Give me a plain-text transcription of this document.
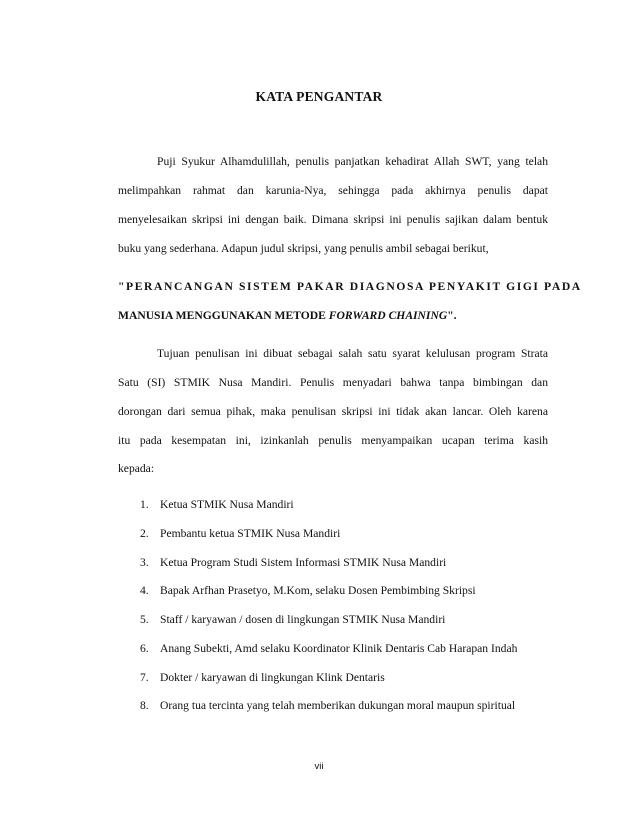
KATA PENGANTAR
Puji Syukur Alhamdulillah, penulis panjatkan kehadirat Allah SWT, yang telah
melimpahkan rahmat dan karunia-Nya, sehingga pada akhirnya penulis dapat
menyelesaikan skripsi ini dengan baik. Dimana skripsi ini penulis sajikan dalam bentuk
buku yang sederhana. Adapun judul skripsi, yang penulis ambil sebagai berikut,
"PERANCANGAN SISTEM PAKAR DIAGNOSA PENYAKIT GIGI PADA
MANUSIA MENGGUNAKAN METODE FORWARD CHAINING".
Tujuan penulisan ini dibuat sebagai salah satu syarat kelulusan program Strata
Satu (SI) STMIK Nusa Mandiri. Penulis menyadari bahwa tanpa bimbingan dan
dorongan dari semua pihak, maka penulisan skripsi ini tidak akan lancar. Oleh karena
itu pada kesempatan ini, izinkanlah penulis menyampaikan ucapan terima kasih
kepada:
1. Ketua STMIK Nusa Mandiri
2. Pembantu ketua STMIK Nusa Mandiri
3. Ketua Program Studi Sistem Informasi STMIK Nusa Mandiri
4. Bapak Arfhan Prasetyo, M.Kom, selaku Dosen Pembimbing Skripsi
5. Staff / karyawan / dosen di lingkungan STMIK Nusa Mandiri
6. Anang Subekti, Amd selaku Koordinator Klinik Dentaris Cab Harapan Indah
7. Dokter / karyawan di lingkungan Klink Dentaris
8. Orang tua tercinta yang telah memberikan dukungan moral maupun spiritual
vii
